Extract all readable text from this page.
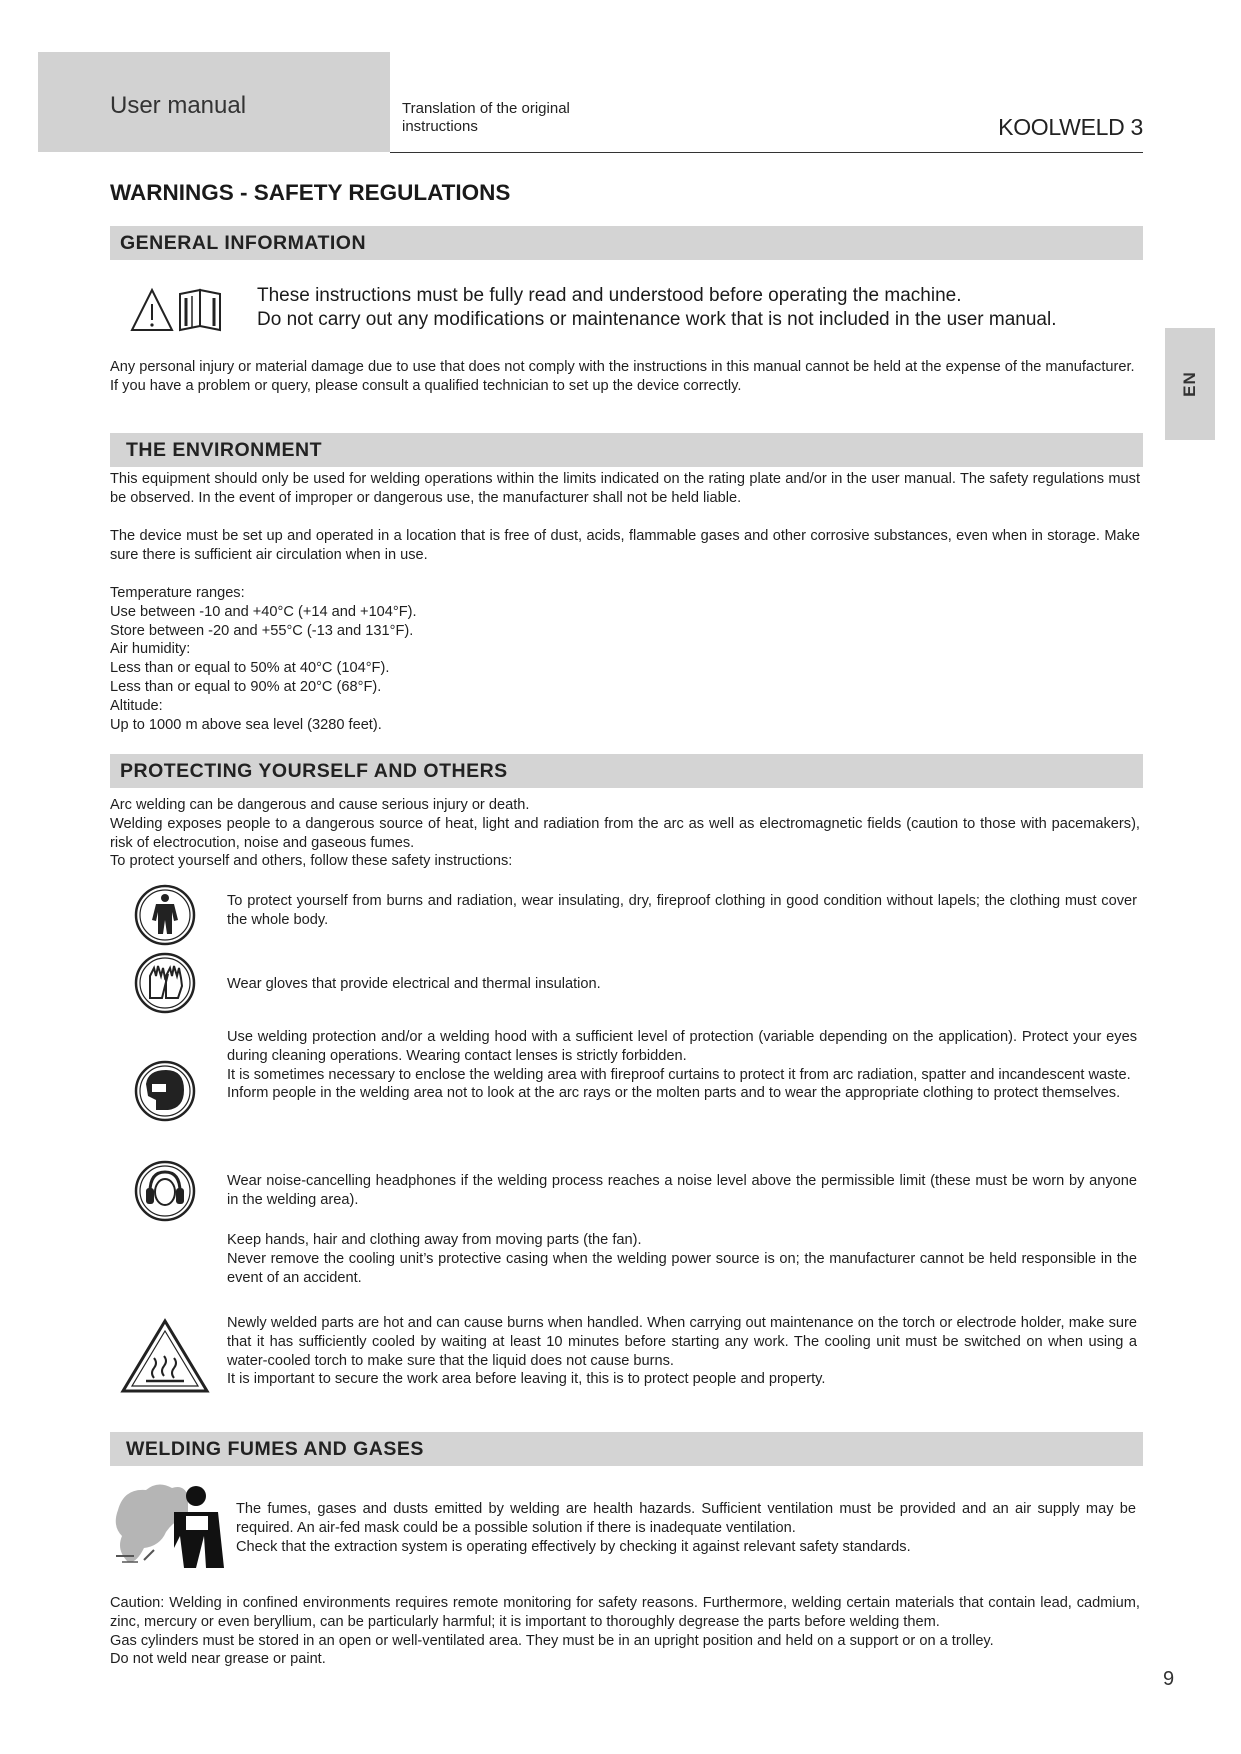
User manual	Translation of the original instructions	KOOLWELD 3
EN
WARNINGS - SAFETY REGULATIONS
GENERAL INFORMATION
These instructions must be fully read and understood before operating the machine.
Do not carry out any modifications or maintenance work that is not included in the user manual.
Any personal injury or material damage due to use that does not comply with the instructions in this manual cannot be held at the expense of the manufacturer.
If you have a problem or query, please consult a qualified technician to set up the device correctly.
THE ENVIRONMENT
This equipment should only be used for welding operations within the limits indicated on the rating plate and/or in the user manual. The safety regulations must be observed. In the event of improper or dangerous use, the manufacturer shall not be held liable.
The device must be set up and operated in a location that is free of dust, acids, flammable gases and other corrosive substances, even when in storage. Make sure there is sufficient air circulation when in use.
Temperature ranges:
Use between -10 and +40°C (+14 and +104°F).
Store between -20 and +55°C (-13 and 131°F).
Air humidity:
Less than or equal to 50% at 40°C (104°F).
Less than or equal to 90% at 20°C (68°F).
Altitude:
Up to 1000 m above sea level (3280 feet).
PROTECTING YOURSELF AND OTHERS
Arc welding can be dangerous and cause serious injury or death.
Welding exposes people to a dangerous source of heat, light and radiation from the arc as well as electromagnetic fields (caution to those with pacemakers), risk of electrocution, noise and gaseous fumes.
To protect yourself and others, follow these safety instructions:
To protect yourself from burns and radiation, wear insulating, dry, fireproof clothing in good condition without lapels; the clothing must cover the whole body.
Wear gloves that provide electrical and thermal insulation.
Use welding protection and/or a welding hood with a sufficient level of protection (variable depending on the application). Protect your eyes during cleaning operations. Wearing contact lenses is strictly forbidden.
It is sometimes necessary to enclose the welding area with fireproof curtains to protect it from arc radiation, spatter and incandescent waste.
Inform people in the welding area not to look at the arc rays or the molten parts and to wear the appropriate clothing to protect themselves.
Wear noise-cancelling headphones if the welding process reaches a noise level above the permissible limit (these must be worn by anyone in the welding area).
Keep hands, hair and clothing away from moving parts (the fan).
Never remove the cooling unit’s protective casing when the welding power source is on; the manufacturer cannot be held responsible in the event of an accident.
Newly welded parts are hot and can cause burns when handled. When carrying out maintenance on the torch or electrode holder, make sure that it has sufficiently cooled by waiting at least 10 minutes before starting any work. The cooling unit must be switched on when using a water-cooled torch to make sure that the liquid does not cause burns.
It is important to secure the work area before leaving it, this is to protect people and property.
WELDING FUMES AND GASES
The fumes, gases and dusts emitted by welding are health hazards. Sufficient ventilation must be provided and an air supply may be required. An air-fed mask could be a possible solution if there is inadequate ventilation.
Check that the extraction system is operating effectively by checking it against relevant safety standards.
Caution: Welding in confined environments requires remote monitoring for safety reasons. Furthermore, welding certain materials that contain lead, cadmium, zinc, mercury or even beryllium, can be particularly harmful; it is important to thoroughly degrease the parts before welding them.
Gas cylinders must be stored in an open or well-ventilated area. They must be in an upright position and held on a support or on a trolley.
Do not weld near grease or paint.
9
